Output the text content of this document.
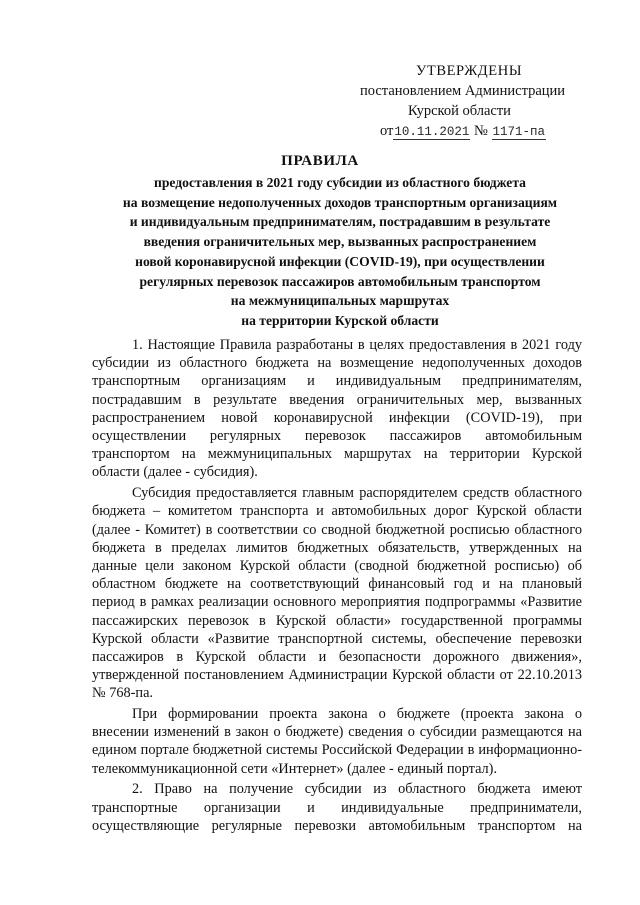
УТВЕРЖДЕНЫ
постановлением Администрации
Курской области
от10.11.2021 № 1171-па
ПРАВИЛА
предоставления в 2021 году субсидии из областного бюджета
на возмещение недополученных доходов транспортным организациям
и индивидуальным предпринимателям, пострадавшим в результате
введения ограничительных мер, вызванных распространением
новой коронавирусной инфекции (COVID-19), при осуществлении
регулярных перевозок пассажиров автомобильным транспортом
на межмуниципальных маршрутах
на территории Курской области

1. Настоящие Правила разработаны в целях предоставления в 2021 году субсидии из областного бюджета на возмещение недополученных доходов транспортным организациям и индивидуальным предпринимателям, пострадавшим в результате введения ограничительных мер, вызванных распространением новой коронавирусной инфекции (COVID-19), при осуществлении регулярных перевозок пассажиров автомобильным транспортом на межмуниципальных маршрутах на территории Курской области (далее - субсидия).

Субсидия предоставляется главным распорядителем средств областного бюджета – комитетом транспорта и автомобильных дорог Курской области (далее - Комитет) в соответствии со сводной бюджетной росписью областного бюджета в пределах лимитов бюджетных обязательств, утвержденных на данные цели законом Курской области (сводной бюджетной росписью) об областном бюджете на соответствующий финансовый год и на плановый период в рамках реализации основного мероприятия подпрограммы «Развитие пассажирских перевозок в Курской области» государственной программы Курской области «Развитие транспортной системы, обеспечение перевозки пассажиров в Курской области и безопасности дорожного движения», утвержденной постановлением Администрации Курской области от 22.10.2013 № 768-па.

При формировании проекта закона о бюджете (проекта закона о внесении изменений в закон о бюджете) сведения о субсидии размещаются на едином портале бюджетной системы Российской Федерации в информационно-телекоммуникационной сети «Интернет» (далее - единый портал).

2. Право на получение субсидии из областного бюджета имеют транспортные организации и индивидуальные предприниматели, осуществляющие регулярные перевозки автомобильным транспортом на
